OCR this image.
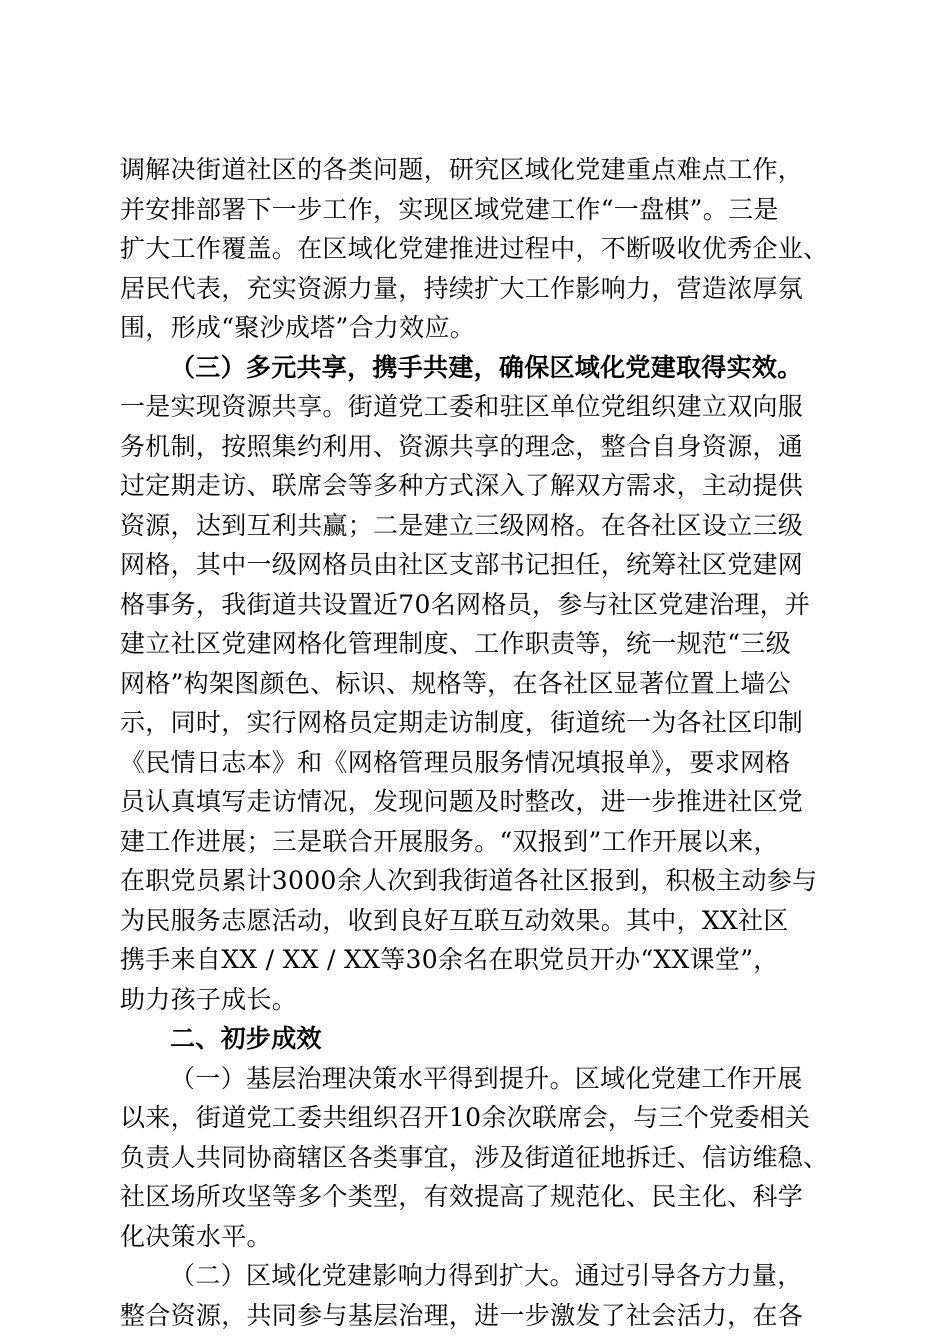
调解决街道社区的各类问题，研究区域化党建重点难点工作，
并安排部署下一步工作，实现区域党建工作“一盘棋”。三是
扩大工作覆盖。在区域化党建推进过程中，不断吸收优秀企业、
居民代表，充实资源力量，持续扩大工作影响力，营造浓厚氛
围，形成“聚沙成塔”合力效应。
（三）多元共享，携手共建，确保区域化党建取得实效。
一是实现资源共享。街道党工委和驻区单位党组织建立双向服
务机制，按照集约利用、资源共享的理念，整合自身资源，通
过定期走访、联席会等多种方式深入了解双方需求，主动提供
资源，达到互利共赢；二是建立三级网格。在各社区设立三级
网格，其中一级网格员由社区支部书记担任，统筹社区党建网
格事务，我街道共设置近70名网格员，参与社区党建治理，并
建立社区党建网格化管理制度、工作职责等，统一规范“三级
网格”构架图颜色、标识、规格等，在各社区显著位置上墙公
示，同时，实行网格员定期走访制度，街道统一为各社区印制
《民情日志本》和《网格管理员服务情况填报单》，要求网格
员认真填写走访情况，发现问题及时整改，进一步推进社区党
建工作进展；三是联合开展服务。“双报到”工作开展以来，
在职党员累计3000余人次到我街道各社区报到，积极主动参与
为民服务志愿活动，收到良好互联互动效果。其中，XX社区
携手来自XX / XX / XX等30余名在职党员开办“XX课堂”，
助力孩子成长。
二、初步成效
（一）基层治理决策水平得到提升。区域化党建工作开展
以来，街道党工委共组织召开10余次联席会，与三个党委相关
负责人共同协商辖区各类事宜，涉及街道征地拆迁、信访维稳、
社区场所攻坚等多个类型，有效提高了规范化、民主化、科学
化决策水平。
（二）区域化党建影响力得到扩大。通过引导各方力量，
整合资源，共同参与基层治理，进一步激发了社会活力，在各
